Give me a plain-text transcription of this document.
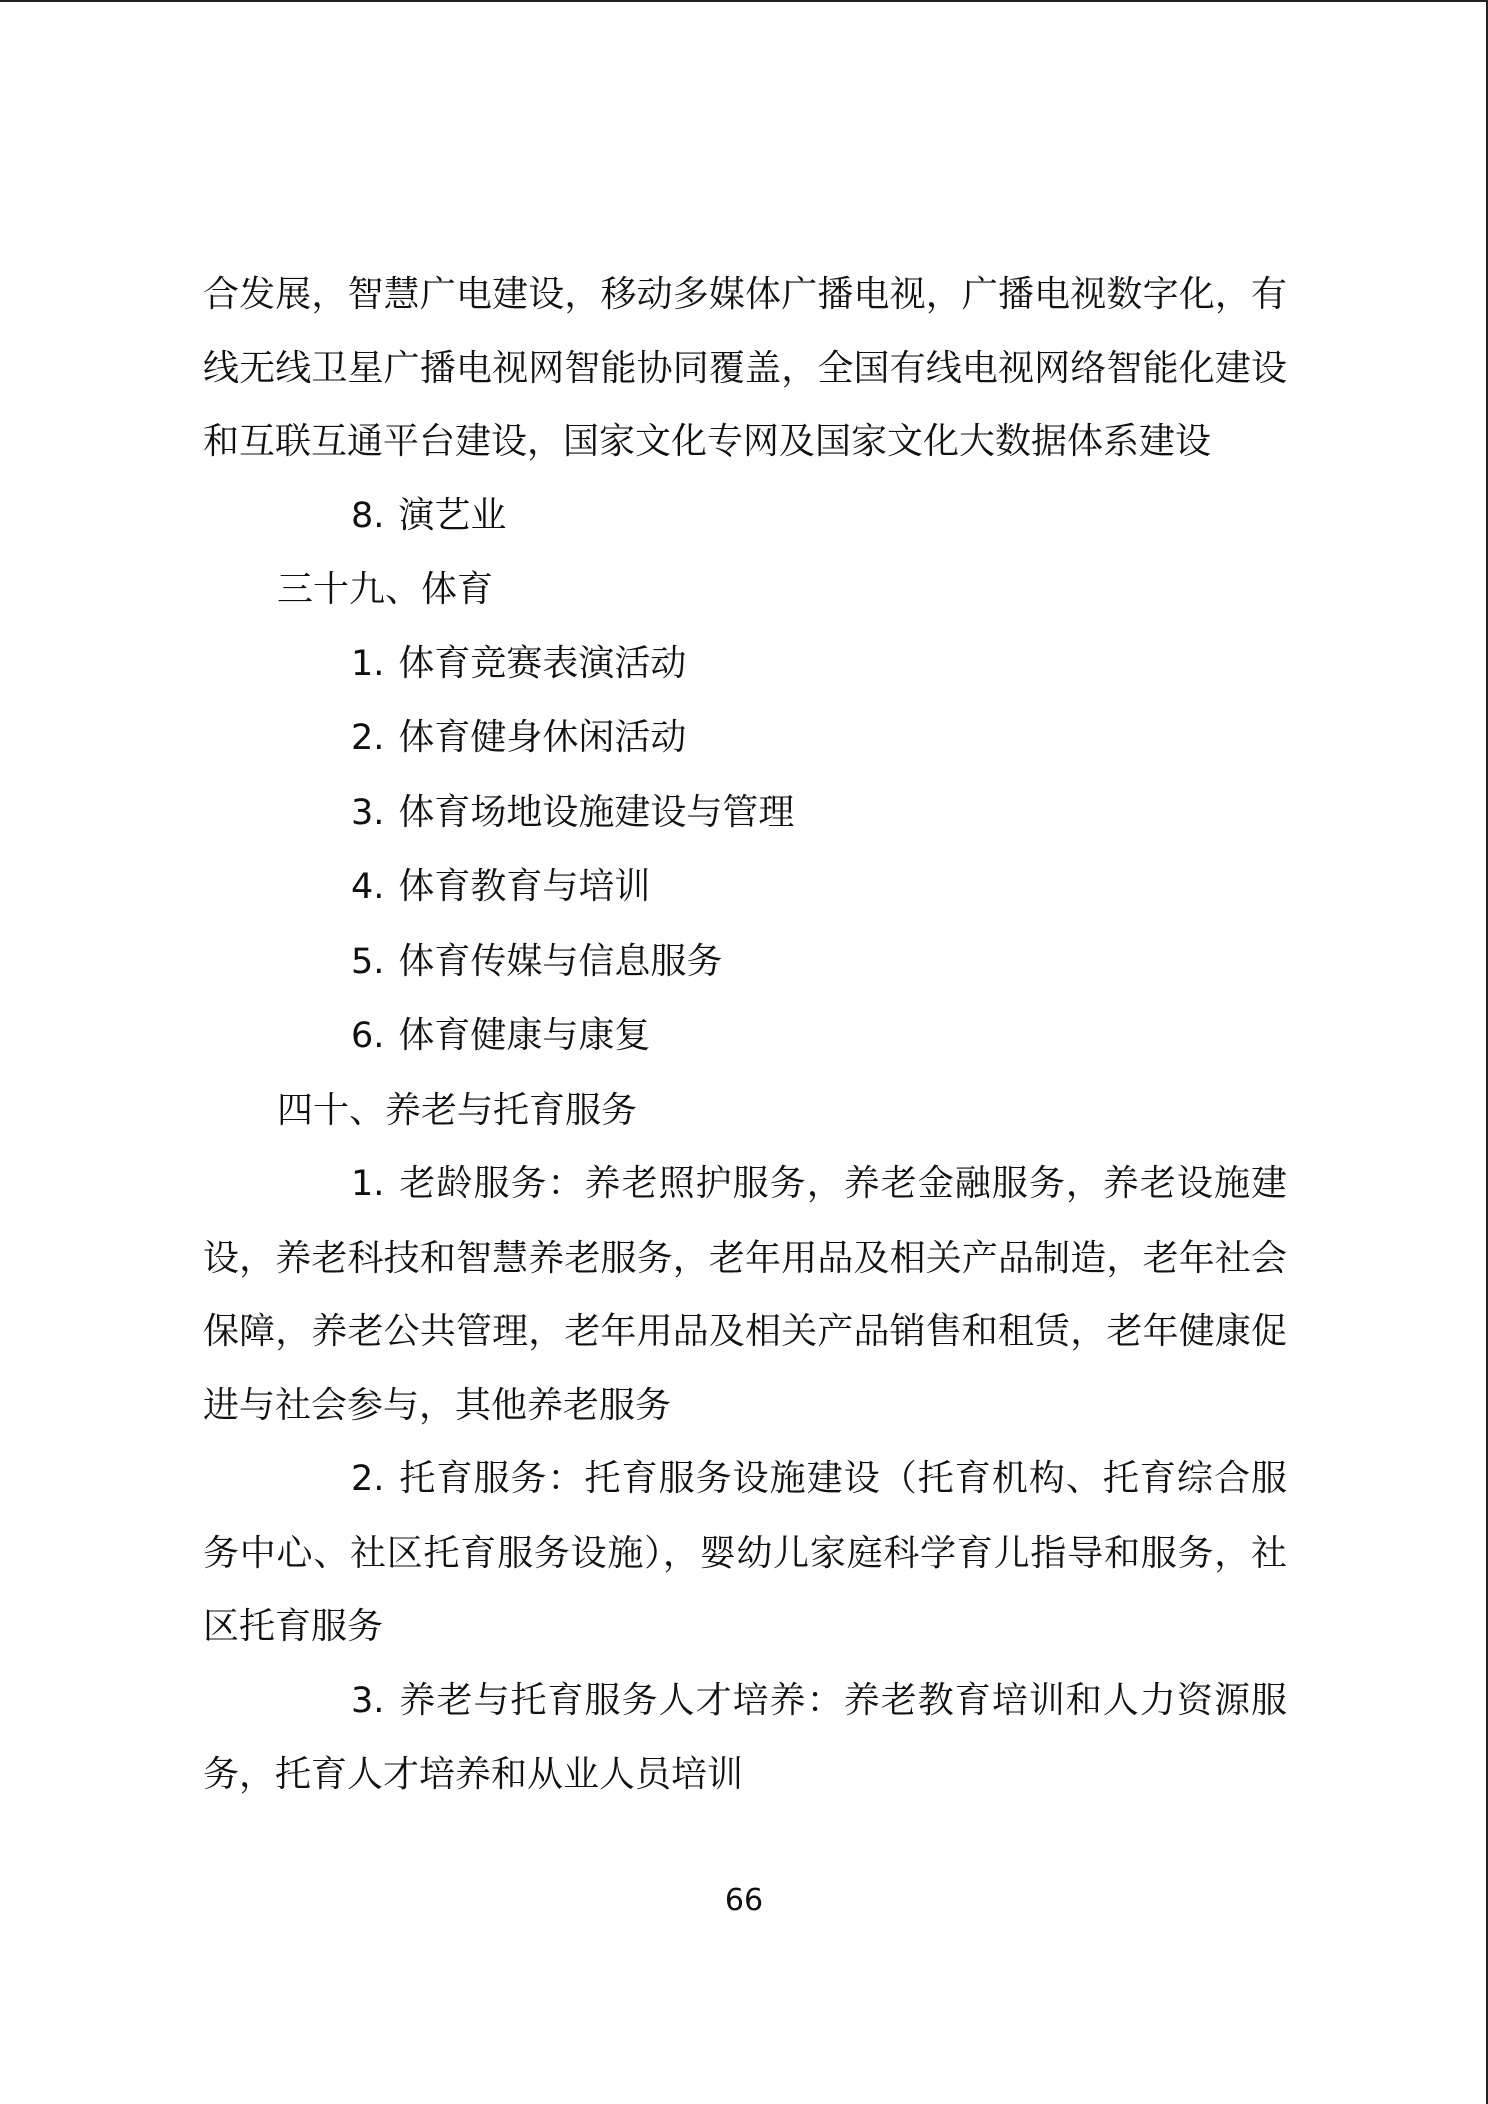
合发展，智慧广电建设，移动多媒体广播电视，广播电视数字化，有线无线卫星广播电视网智能协同覆盖，全国有线电视网络智能化建设和互联互通平台建设，国家文化专网及国家文化大数据体系建设

8. 演艺业

三十九、体育

1. 体育竞赛表演活动

2. 体育健身休闲活动

3. 体育场地设施建设与管理

4. 体育教育与培训

5. 体育传媒与信息服务

6. 体育健康与康复

四十、养老与托育服务

1. 老龄服务：养老照护服务，养老金融服务，养老设施建设，养老科技和智慧养老服务，老年用品及相关产品制造，老年社会保障，养老公共管理，老年用品及相关产品销售和租赁，老年健康促进与社会参与，其他养老服务

2. 托育服务：托育服务设施建设（托育机构、托育综合服务中心、社区托育服务设施），婴幼儿家庭科学育儿指导和服务，社区托育服务

3. 养老与托育服务人才培养：养老教育培训和人力资源服务，托育人才培养和从业人员培训

66
